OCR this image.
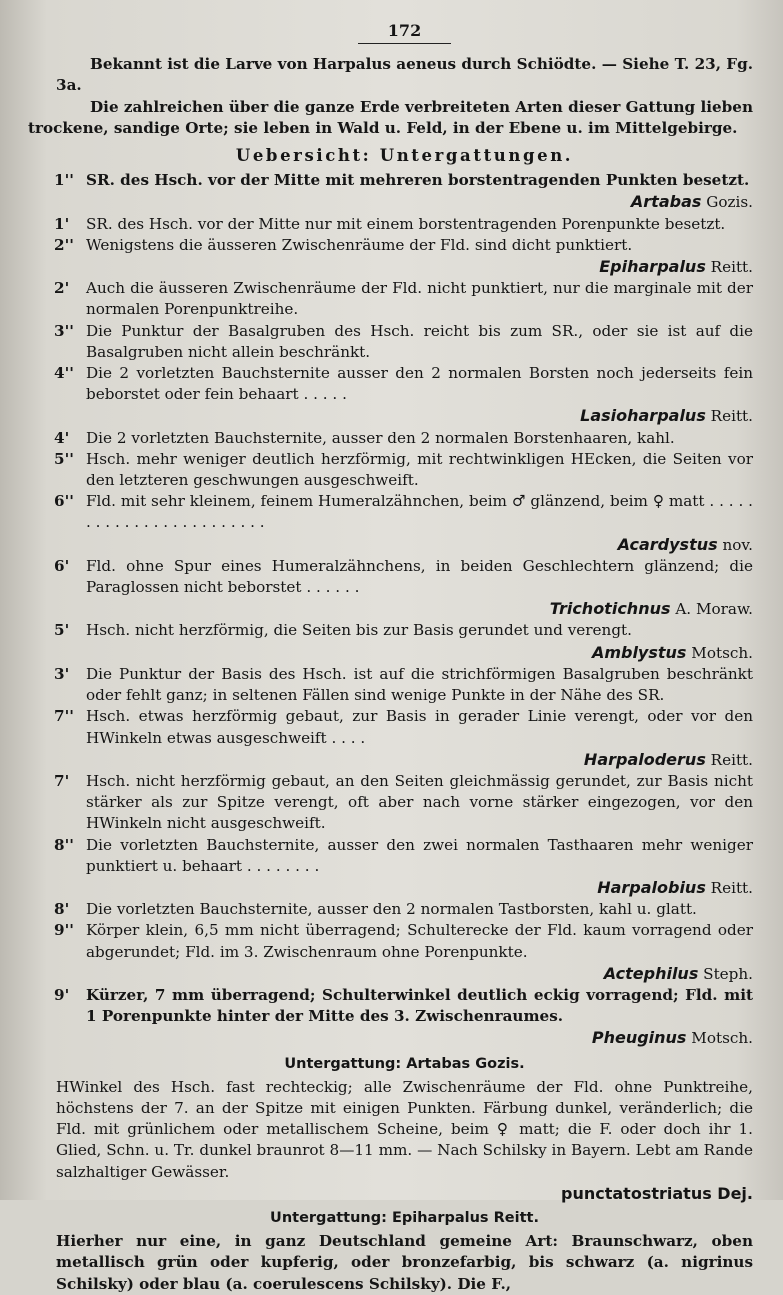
172

Bekannt ist die Larve von Harpalus aeneus durch Schiödte. — Siehe T. 23, Fg. 3a.

Die zahlreichen über die ganze Erde verbreiteten Arten dieser Gattung lieben

trockene, sandige Orte; sie leben in Wald u. Feld, in der Ebene u. im Mittelgebirge.

Uebersicht: Untergattungen.
1'' SR. des Hsch. vor der Mitte mit mehreren borstentragenden Punkten besetzt.
Artabas Gozis.
1' SR. des Hsch. vor der Mitte nur mit einem borstentragenden Porenpunkte besetzt.
2'' Wenigstens die äusseren Zwischenräume der Fld. sind dicht punktiert.
Epiharpalus Reitt.
2' Auch die äusseren Zwischenräume der Fld. nicht punktiert, nur die marginale mit der normalen Porenpunktreihe.
3'' Die Punktur der Basalgruben des Hsch. reicht bis zum SR., oder sie ist auf die Basalgruben nicht allein beschränkt.
4'' Die 2 vorletzten Bauchsternite ausser den 2 normalen Borsten noch jederseits fein beborstet oder fein behaart . . . . .
Lasioharpalus Reitt.
4' Die 2 vorletzten Bauchsternite, ausser den 2 normalen Borstenhaaren, kahl.
5'' Hsch. mehr weniger deutlich herzförmig, mit rechtwinkligen HEcken, die Seiten vor den letzteren geschwungen ausgeschweift.
6'' Fld. mit sehr kleinem, feinem Humeralzähnchen, beim ♂ glänzend, beim ♀ matt . . . . . . . . . . . . . . . . . . . . . . . .
Acardystus nov.
6' Fld. ohne Spur eines Humeralzähnchens, in beiden Geschlechtern glänzend; die Paraglossen nicht beborstet . . . . . .
Trichotichnus A. Moraw.
5' Hsch. nicht herzförmig, die Seiten bis zur Basis gerundet und verengt.
Amblystus Motsch.
3' Die Punktur der Basis des Hsch. ist auf die strichförmigen Basalgruben beschränkt oder fehlt ganz; in seltenen Fällen sind wenige Punkte in der Nähe des SR.
7'' Hsch. etwas herzförmig gebaut, zur Basis in gerader Linie verengt, oder vor den HWinkeln etwas ausgeschweift . . . .
Harpaloderus Reitt.
7' Hsch. nicht herzförmig gebaut, an den Seiten gleichmässig gerundet, zur Basis nicht stärker als zur Spitze verengt, oft aber nach vorne stärker eingezogen, vor den HWinkeln nicht ausgeschweift.
8'' Die vorletzten Bauchsternite, ausser den zwei normalen Tasthaaren mehr weniger punktiert u. behaart . . . . . . . .
Harpalobius Reitt.
8' Die vorletzten Bauchsternite, ausser den 2 normalen Tastborsten, kahl u. glatt.
9'' Körper klein, 6,5 mm nicht überragend; Schulterecke der Fld. kaum vorragend oder abgerundet; Fld. im 3. Zwischenraum ohne Porenpunkte.
Actephilus Steph.
9' Kürzer, 7 mm überragend; Schulterwinkel deutlich eckig vorragend; Fld. mit 1 Porenpunkte hinter der Mitte des 3. Zwischenraumes.
Pheuginus Motsch.
Untergattung: Artabas Gozis.

HWinkel des Hsch. fast rechteckig; alle Zwischenräume der Fld. ohne Punktreihe, höchstens der 7. an der Spitze mit einigen Punkten. Färbung dunkel, veränderlich; die Fld. mit grünlichem oder metallischem Scheine, beim ♀ matt; die F. oder doch ihr 1. Glied, Schn. u. Tr. dunkel braunrot 8—11 mm. — Nach Schilsky in Bayern. Lebt am Rande salzhaltiger Gewässer.

punctatostriatus Dej.
Untergattung: Epiharpalus Reitt.

Hierher nur eine, in ganz Deutschland gemeine Art: Braunschwarz, oben metallisch grün oder kupferig, oder bronzefarbig, bis schwarz (a. nigrinus Schilsky) oder blau (a. coerulescens Schilsky). Die F.,
